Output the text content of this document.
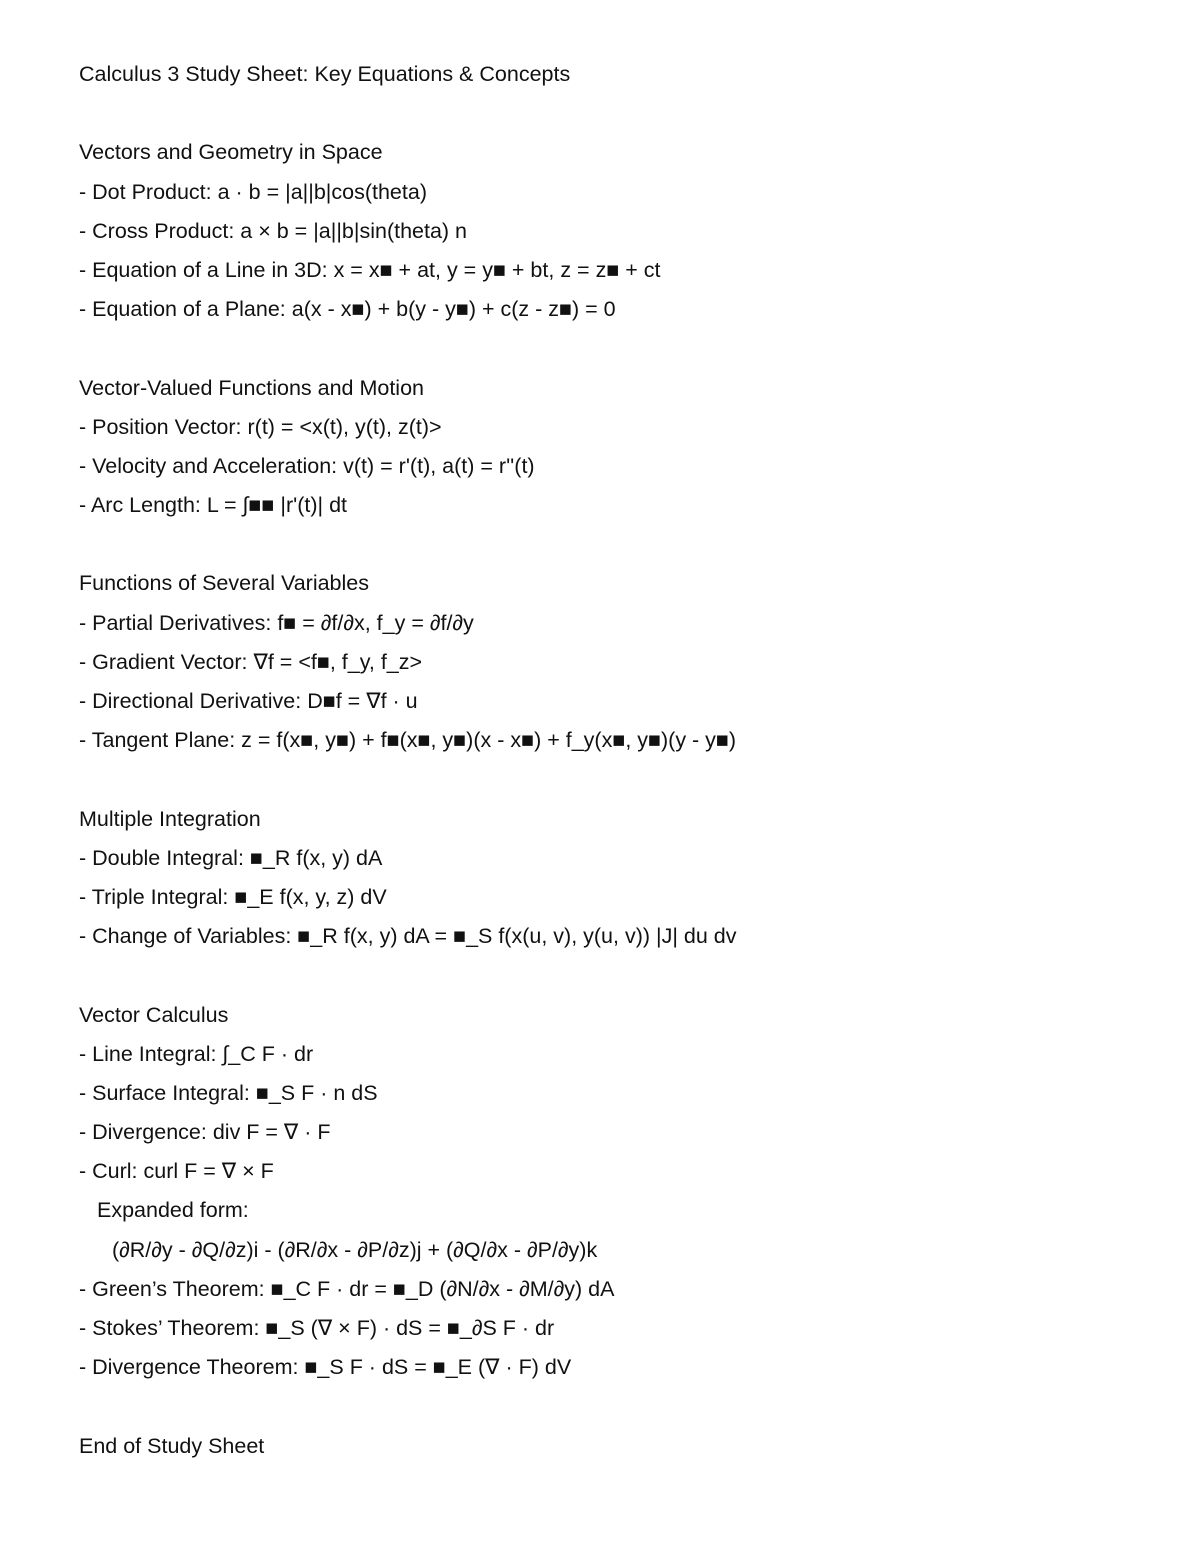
Calculus 3 Study Sheet: Key Equations & Concepts
Vectors and Geometry in Space
- Dot Product: a · b = |a||b|cos(theta)
- Cross Product: a × b = |a||b|sin(theta) n
- Equation of a Line in 3D: x = x■ + at, y = y■ + bt, z = z■ + ct
- Equation of a Plane: a(x - x■) + b(y - y■) + c(z - z■) = 0
Vector-Valued Functions and Motion
- Position Vector: r(t) = <x(t), y(t), z(t)>
- Velocity and Acceleration: v(t) = r'(t), a(t) = r''(t)
- Arc Length: L = ∫■■ |r'(t)| dt
Functions of Several Variables
- Partial Derivatives: f■ = ∂f/∂x, f_y = ∂f/∂y
- Gradient Vector: ∇f = <f■, f_y, f_z>
- Directional Derivative: D■f = ∇f · u
- Tangent Plane: z = f(x■, y■) + f■(x■, y■)(x - x■) + f_y(x■, y■)(y - y■)
Multiple Integration
- Double Integral: ■_R f(x, y) dA
- Triple Integral: ■_E f(x, y, z) dV
- Change of Variables: ■_R f(x, y) dA = ■_S f(x(u, v), y(u, v)) |J| du dv
Vector Calculus
- Line Integral: ∫_C F · dr
- Surface Integral: ■_S F · n dS
- Divergence: div F = ∇ · F
- Curl: curl F = ∇ × F
Expanded form:
(∂R/∂y - ∂Q/∂z)i - (∂R/∂x - ∂P/∂z)j + (∂Q/∂x - ∂P/∂y)k
- Green’s Theorem: ■_C F · dr = ■_D (∂N/∂x - ∂M/∂y) dA
- Stokes’ Theorem: ■_S (∇ × F) · dS = ■_∂S F · dr
- Divergence Theorem: ■_S F · dS = ■_E (∇ · F) dV
End of Study Sheet
